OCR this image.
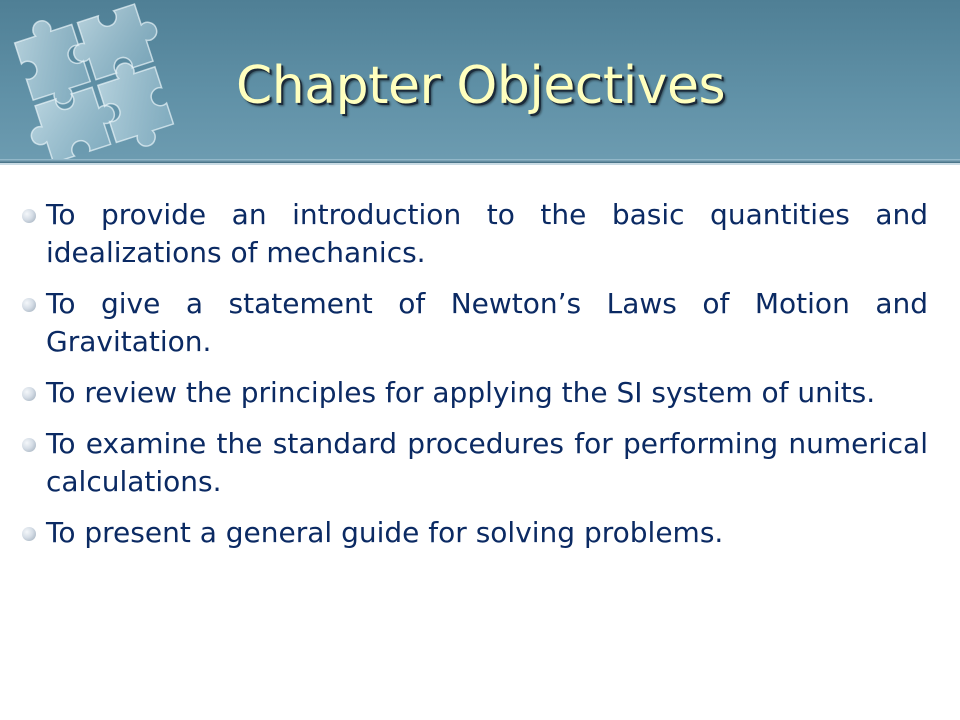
Chapter Objectives
To provide an introduction to the basic quantities and idealizations of mechanics.
To give a statement of Newton’s Laws of Motion and Gravitation.
To review the principles for applying the SI system of units.
To examine the standard procedures for performing numerical calculations.
To present a general guide for solving problems.
